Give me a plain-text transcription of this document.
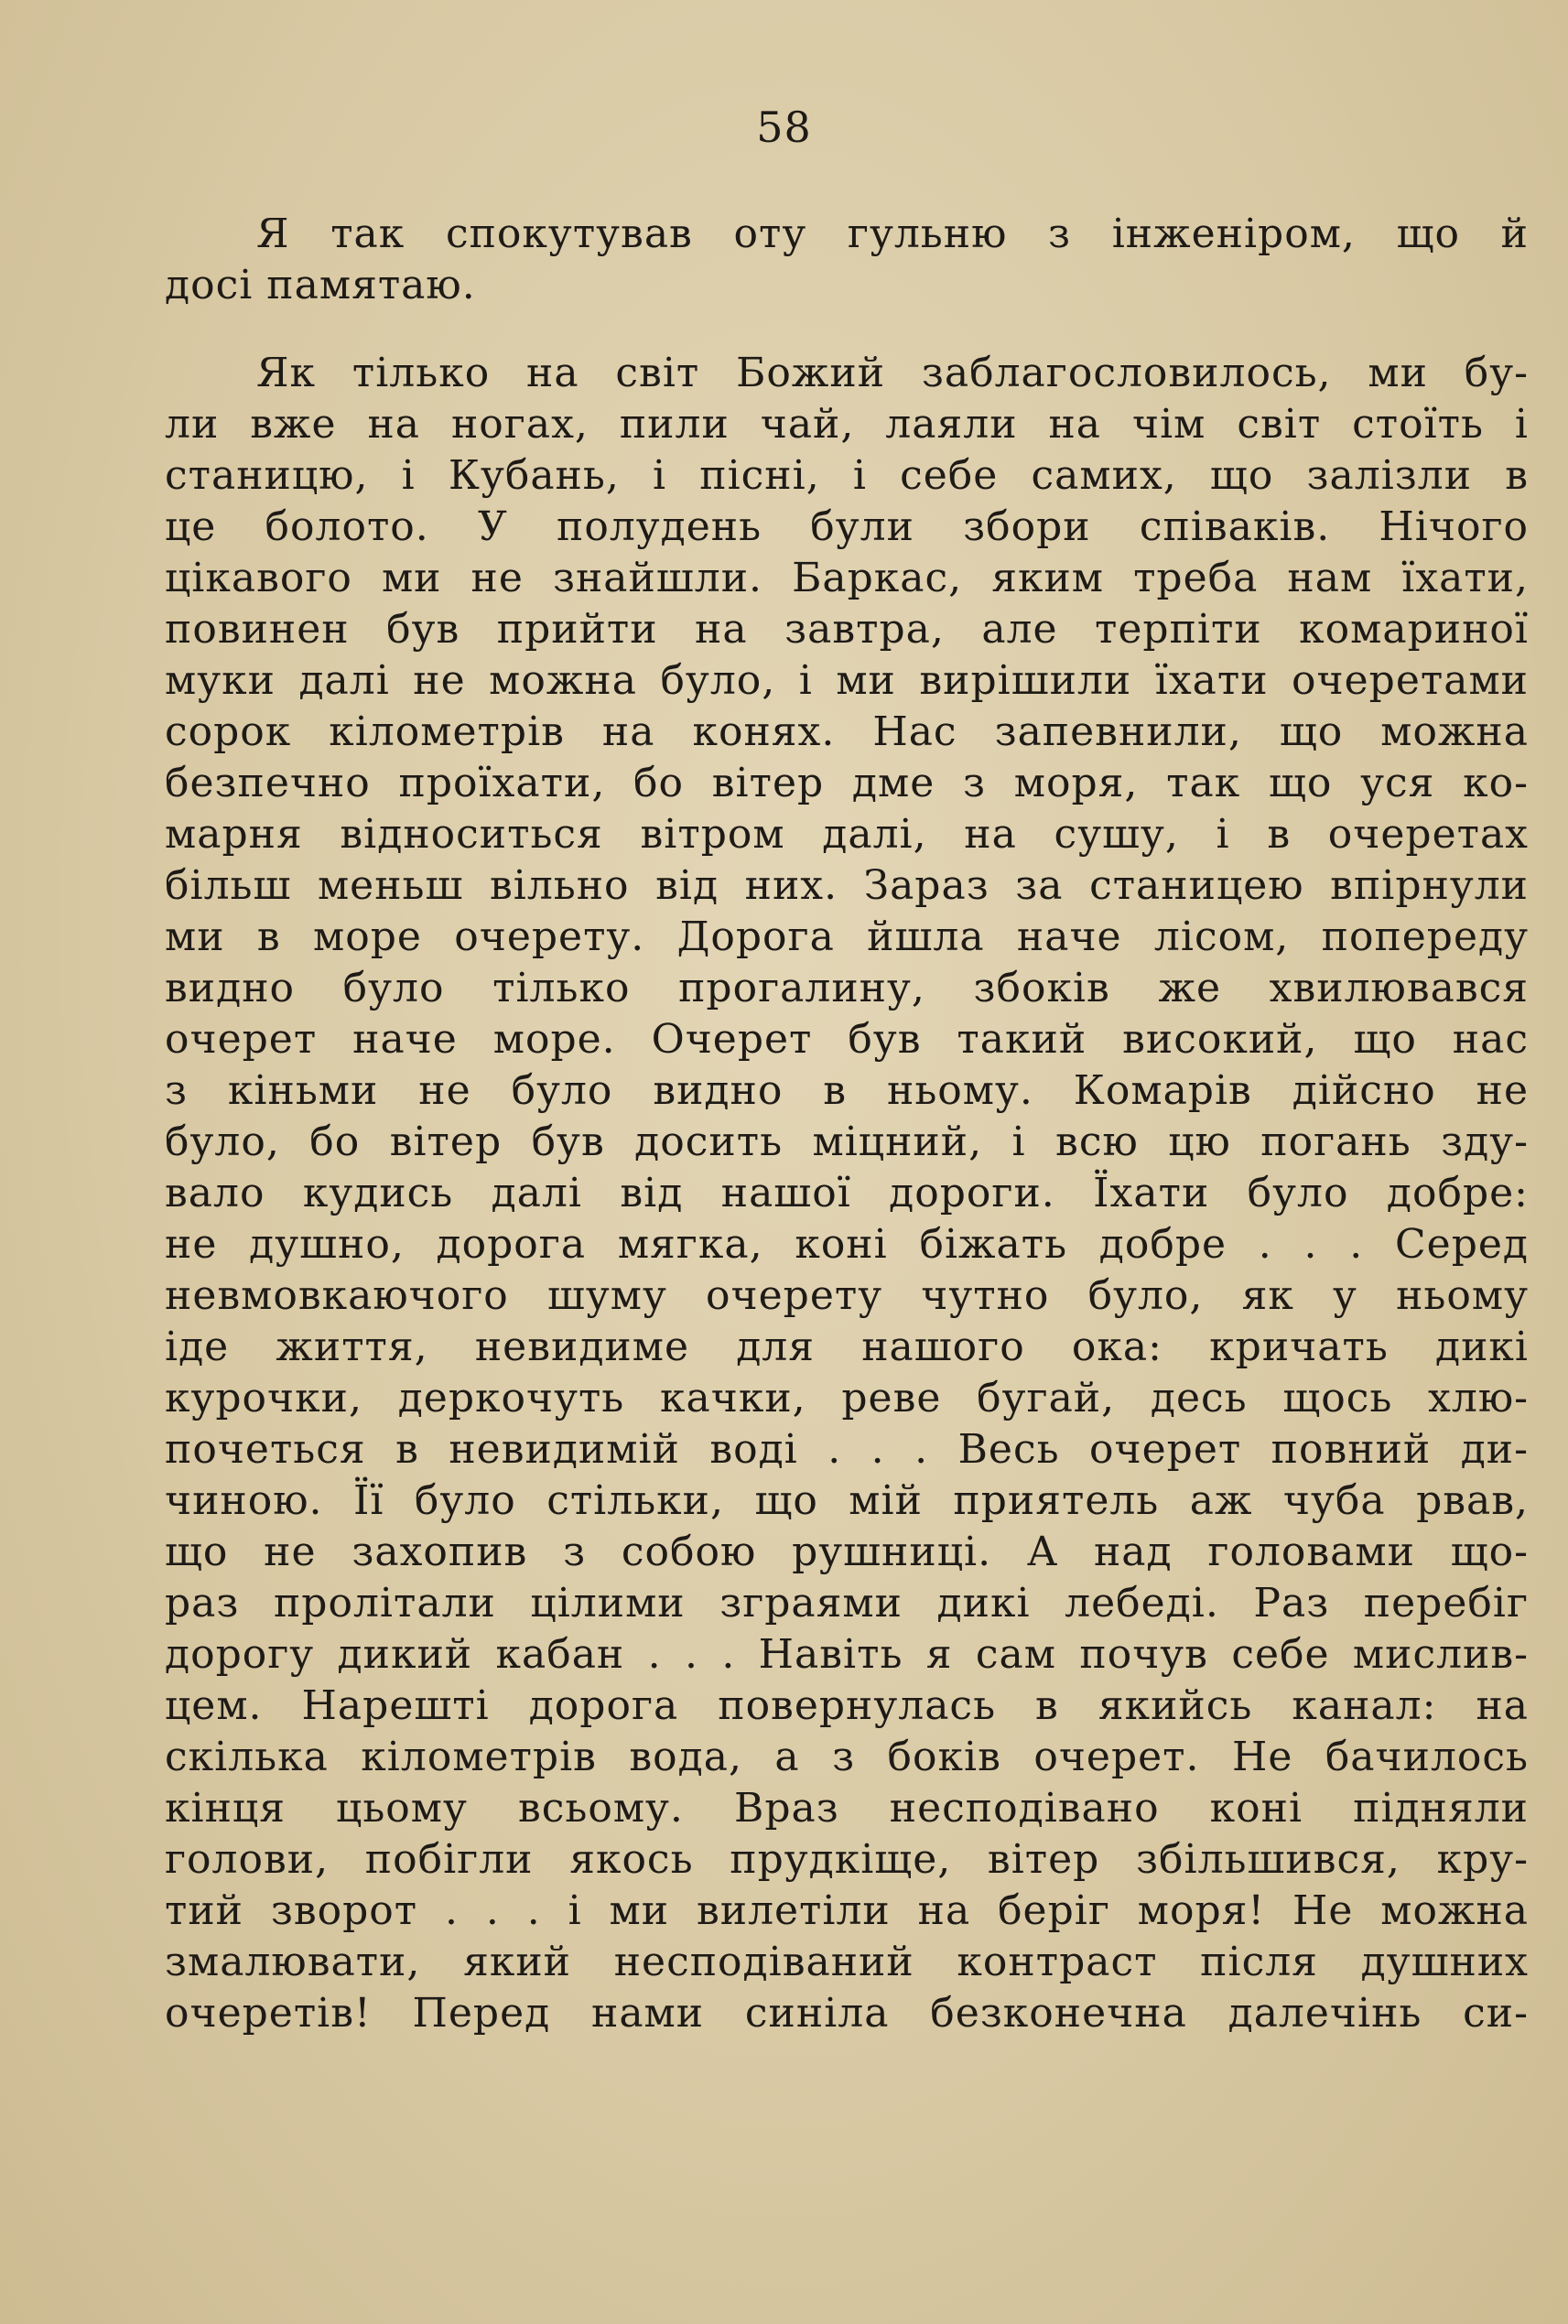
58
Я так спокутував оту гульню з інженіром, що й
досі памятаю.
Як тілько на світ Божий заблагословилось, ми бу-
ли вже на ногах, пили чай, лаяли на чім світ стоїть і
станицю, і Кубань, і пісні, і себе самих, що залізли в
це болото. У полудень були збори співаків. Нічого
цікавого ми не знайшли. Баркас, яким треба нам їхати,
повинен був прийти на завтра, але терпіти комариної
муки далі не можна було, і ми вирішили їхати очеретами
сорок кілометрів на конях. Нас запевнили, що можна
безпечно проїхати, бо вітер дме з моря, так що уся ко-
марня відноситься вітром далі, на сушу, і в очеретах
більш меньш вільно від них. Зараз за станицею впірнули
ми в море очерету. Дорога йшла наче лісом, попереду
видно було тілько прогалину, збоків же хвилювався
очерет наче море. Очерет був такий високий, що нас
з кіньми не було видно в ньому. Комарів дійсно не
було, бо вітер був досить міцний, і всю цю погань зду-
вало кудись далі від нашої дороги. Їхати було добре:
не душно, дорога мягка, коні біжать добре . . . Серед
невмовкаючого шуму очерету чутно було, як у ньому
іде життя, невидиме для нашого ока: кричать дикі
курочки, деркочуть качки, реве бугай, десь щось хлю-
почеться в невидимій воді . . . Весь очерет повний ди-
чиною. Її було стільки, що мій приятель аж чуба рвав,
що не захопив з собою рушниці. А над головами що-
раз пролітали цілими зграями дикі лебеді. Раз перебіг
дорогу дикий кабан . . . Навіть я сам почув себе мислив-
цем. Нарешті дорога повернулась в якийсь канал: на
скілька кілометрів вода, а з боків очерет. Не бачилось
кінця цьому всьому. Враз несподівано коні підняли
голови, побігли якось прудкіще, вітер збільшився, кру-
тий зворот . . . і ми вилетіли на беріг моря! Не можна
змалювати, який несподіваний контраст після душних
очеретів! Перед нами синіла безконечна далечінь си-
